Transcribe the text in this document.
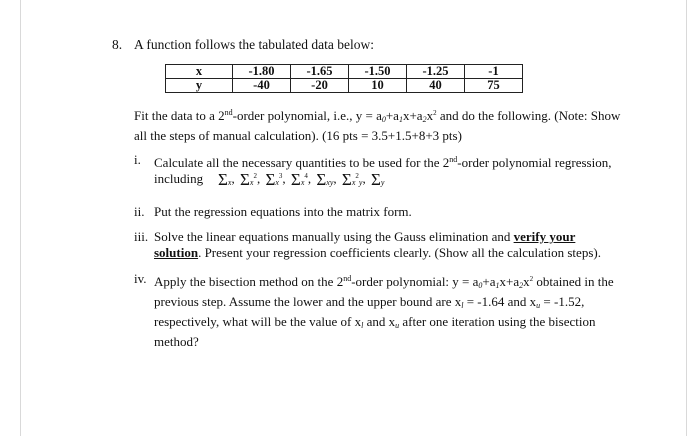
8. A function follows the tabulated data below:
x	-1.80	-1.65	-1.50	-1.25	-1
y	-40	-20	10	40	75
Fit the data to a 2nd-order polynomial, i.e., $y = a_0+a_1x+a_2x^2$ and do the following. (Note: Show all the steps of manual calculation). (16 pts = 3.5+1.5+8+3 pts)
i.	Calculate all the necessary quantities to be used for the 2nd-order polynomial regression,
including $\Sigma_x$, $\Sigma_x^2$, $\Sigma_x^3$, $\Sigma_x^4$, $\Sigma_{xy}$, $\Sigma_x^2_y$, $\Sigma_y$
ii. Put the regression equations into the matrix form.
iii. Solve the linear equations manually using the Gauss elimination and verify your solution. Present your regression coefficients clearly. (Show all the calculation steps).
iv. Apply the bisection method on the 2nd-order polynomial: $y = a_0+a_1x+a_2x^2$ obtained in the previous step. Assume the lower and the upper bound are $x_l = -1.64$ and $x_u = -1.52$, respectively, what will be the value of $x_l$ and $x_u$ after one iteration using the bisection method?
